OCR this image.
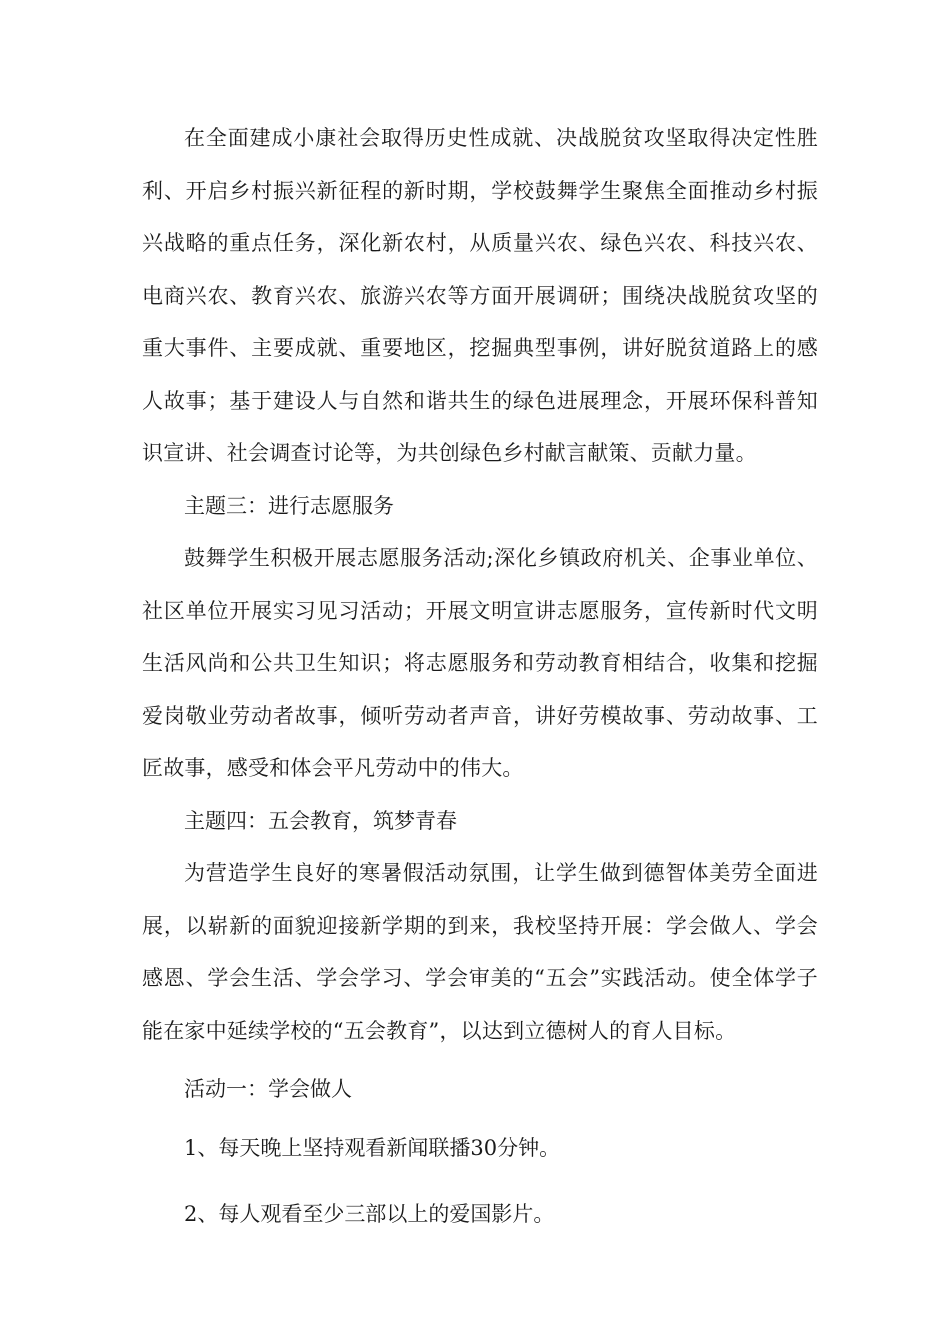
在全面建成小康社会取得历史性成就、决战脱贫攻坚取得决定性胜利、开启乡村振兴新征程的新时期，学校鼓舞学生聚焦全面推动乡村振兴战略的重点任务，深化新农村，从质量兴农、绿色兴农、科技兴农、电商兴农、教育兴农、旅游兴农等方面开展调研；围绕决战脱贫攻坚的重大事件、主要成就、重要地区，挖掘典型事例，讲好脱贫道路上的感人故事；基于建设人与自然和谐共生的绿色进展理念，开展环保科普知识宣讲、社会调查讨论等，为共创绿色乡村献言献策、贡献力量。

主题三：进行志愿服务

鼓舞学生积极开展志愿服务活动;深化乡镇政府机关、企事业单位、社区单位开展实习见习活动；开展文明宣讲志愿服务，宣传新时代文明生活风尚和公共卫生知识；将志愿服务和劳动教育相结合，收集和挖掘爱岗敬业劳动者故事，倾听劳动者声音，讲好劳模故事、劳动故事、工匠故事，感受和体会平凡劳动中的伟大。

主题四：五会教育，筑梦青春

为营造学生良好的寒暑假活动氛围，让学生做到德智体美劳全面进展，以崭新的面貌迎接新学期的到来，我校坚持开展：学会做人、学会感恩、学会生活、学会学习、学会审美的“五会”实践活动。使全体学子能在家中延续学校的“五会教育”，以达到立德树人的育人目标。

活动一：学会做人

1、每天晚上坚持观看新闻联播30分钟。

2、每人观看至少三部以上的爱国影片。
